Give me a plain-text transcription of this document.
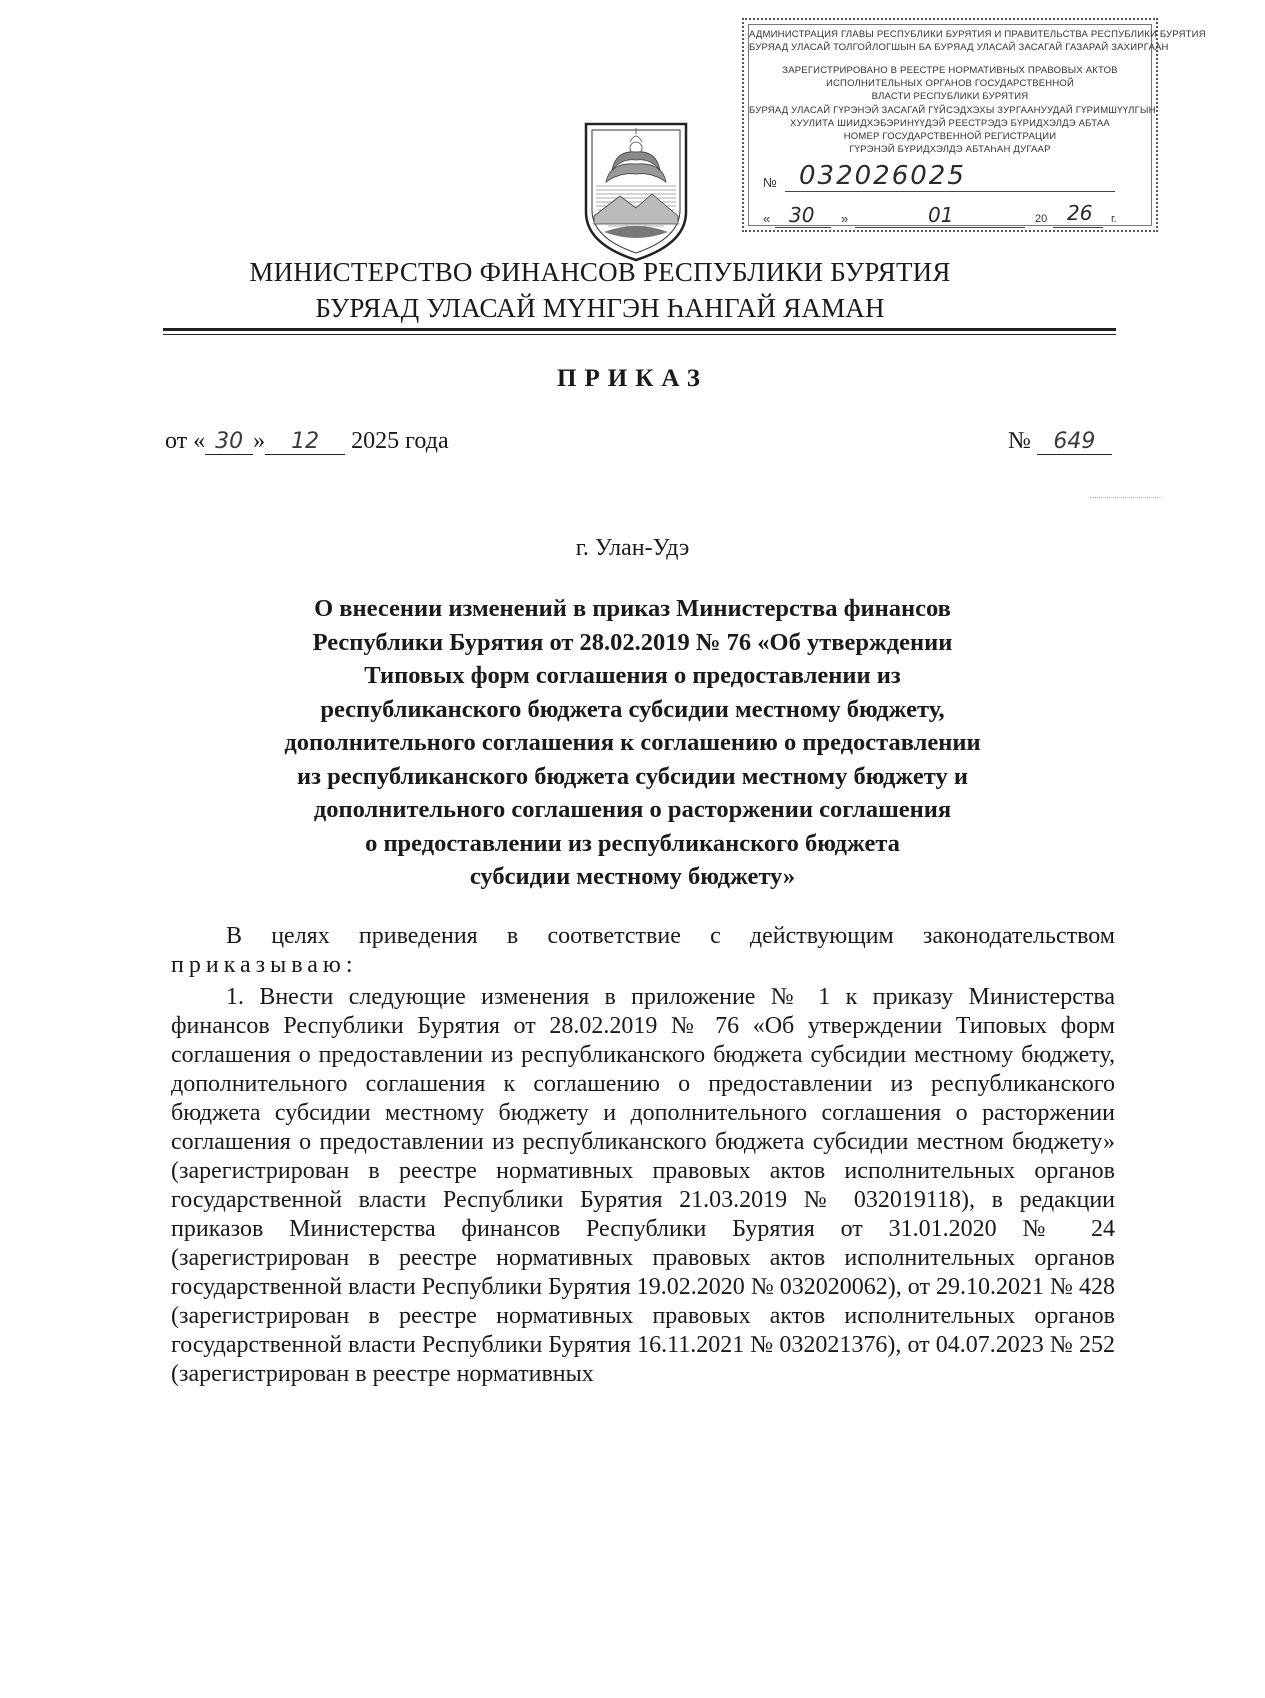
АДМИНИСТРАЦИЯ ГЛАВЫ РЕСПУБЛИКИ БУРЯТИЯ И ПРАВИТЕЛЬСТВА РЕСПУБЛИКИ БУРЯТИЯ
БУРЯАД УЛАСАЙ ТОЛГОЙЛОГШЫН БА БУРЯАД УЛАСАЙ ЗАСАГАЙ ГАЗАРАЙ ЗАХИРГААН
ЗАРЕГИСТРИРОВАНО В РЕЕСТРЕ НОРМАТИВНЫХ ПРАВОВЫХ АКТОВ
ИСПОЛНИТЕЛЬНЫХ ОРГАНОВ ГОСУДАРСТВЕННОЙ
ВЛАСТИ РЕСПУБЛИКИ БУРЯТИЯ
БУРЯАД УЛАСАЙ ГҮРЭНЭЙ ЗАСАГАЙ ГҮЙСЭДХЭХЫ ЗУРГААНУУДАЙ ГҮРИМШҮҮЛГЫН
ХУУЛИТА ШИИДХЭБЭРИНҮҮДЭЙ РЕЕСТРЭДЭ БҮРИДХЭЛДЭ АБТАА
НОМЕР ГОСУДАРСТВЕННОЙ РЕГИСТРАЦИИ
ГҮРЭНЭЙ БҮРИДХЭЛДЭ АБТАҺАН ДУГААР
№ 032026025
« 30 »	01	20 26 г.
МИНИСТЕРСТВО ФИНАНСОВ РЕСПУБЛИКИ БУРЯТИЯ
БУРЯАД УЛАСАЙ МҮНГЭН ҺАНГАЙ ЯАМАН
ПРИКАЗ
от « 30 » 12 2025 года	№ 649
г. Улан-Удэ
О внесении изменений в приказ Министерства финансов
Республики Бурятия от 28.02.2019 № 76 «Об утверждении
Типовых форм соглашения о предоставлении из
республиканского бюджета субсидии местному бюджету,
дополнительного соглашения к соглашению о предоставлении
из республиканского бюджета субсидии местному бюджету и
дополнительного соглашения о расторжении соглашения
о предоставлении из республиканского бюджета
субсидии местному бюджету»
В целях приведения в соответствие с действующим законодательством
приказываю:
1. Внести следующие изменения в приложение № 1 к приказу Министерства финансов Республики Бурятия от 28.02.2019 № 76 «Об утверждении Типовых форм соглашения о предоставлении из республиканского бюджета субсидии местному бюджету, дополнительного соглашения к соглашению о предоставлении из республиканского бюджета субсидии местному бюджету и дополнительного соглашения о расторжении соглашения о предоставлении из республиканского бюджета субсидии местном бюджету» (зарегистрирован в реестре нормативных правовых актов исполнительных органов государственной власти Республики Бурятия 21.03.2019 № 032019118), в редакции приказов Министерства финансов Республики Бурятия от 31.01.2020 № 24 (зарегистрирован в реестре нормативных правовых актов исполнительных органов государственной власти Республики Бурятия 19.02.2020 № 032020062), от 29.10.2021 № 428 (зарегистрирован в реестре нормативных правовых актов исполнительных органов государственной власти Республики Бурятия 16.11.2021 № 032021376), от 04.07.2023 № 252 (зарегистрирован в реестре нормативных
